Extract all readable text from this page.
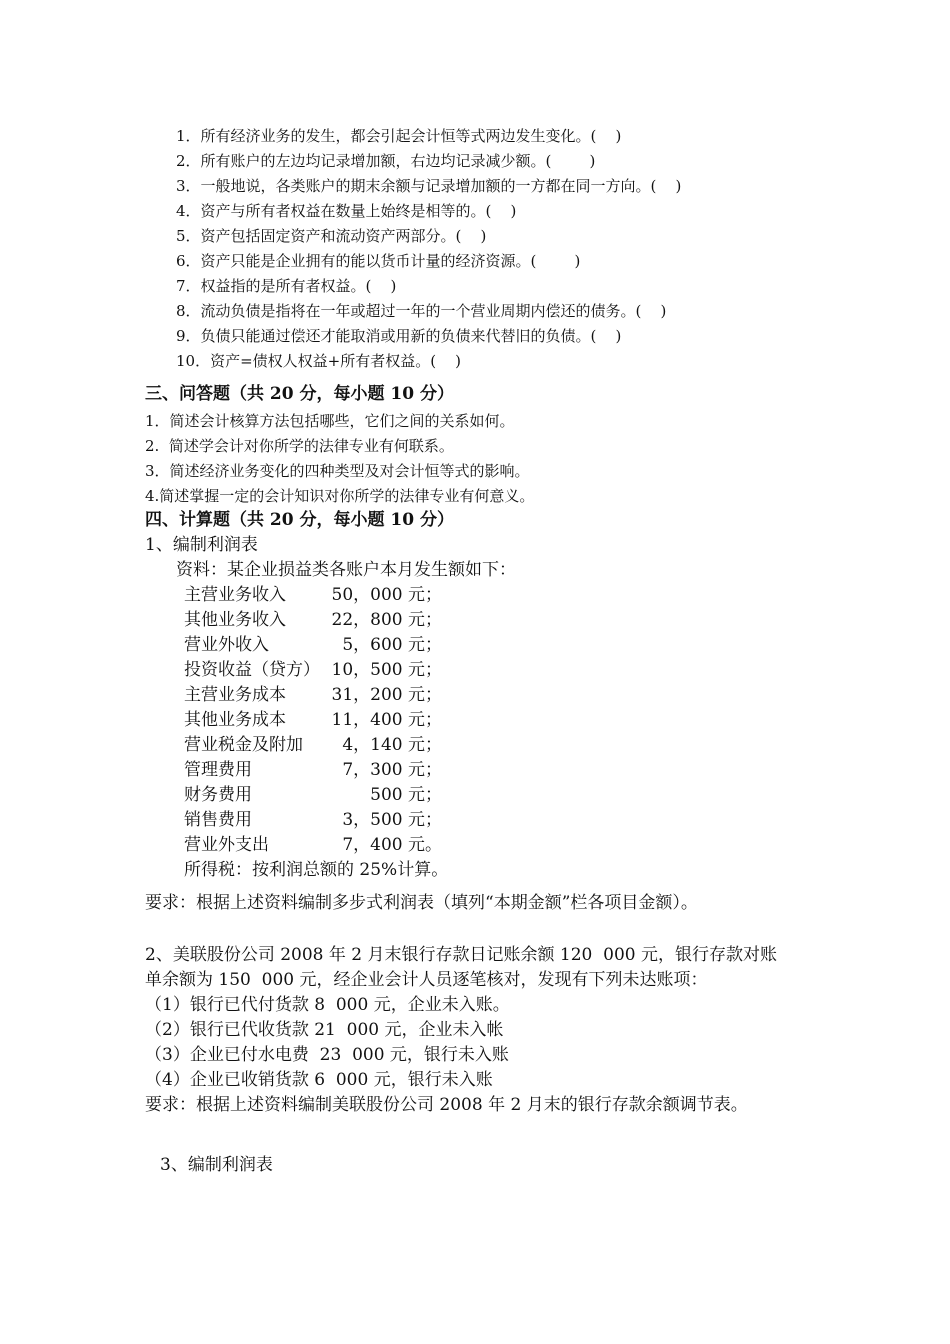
1．所有经济业务的发生，都会引起会计恒等式两边发生变化。(    )
2．所有账户的左边均记录增加额，右边均记录减少额。(        )
3．一般地说，各类账户的期末余额与记录增加额的一方都在同一方向。(    )
4．资产与所有者权益在数量上始终是相等的。(    )
5．资产包括固定资产和流动资产两部分。(    )
6．资产只能是企业拥有的能以货币计量的经济资源。(        )
7．权益指的是所有者权益。(    )
8．流动负债是指将在一年或超过一年的一个营业周期内偿还的债务。(    )
9．负债只能通过偿还才能取消或用新的负债来代替旧的负债。(    )
10．资产=债权人权益+所有者权益。(    )
三、问答题（共 20 分，每小题 10 分）
1．简述会计核算方法包括哪些，它们之间的关系如何。
2.  简述学会计对你所学的法律专业有何联系。
3．简述经济业务变化的四种类型及对会计恒等式的影响。
4.简述掌握一定的会计知识对你所学的法律专业有何意义。
四、计算题（共 20 分，每小题 10 分）
1、编制利润表
资料：某企业损益类各账户本月发生额如下：
主营业务收入	50，000 元；
其他业务收入	22，800 元；
营业外收入	5，600 元；
投资收益（贷方） 10，500 元；
主营业务成本	31，200 元；
其他业务成本	11，400 元；
营业税金及附加 4，140 元；
管理费用	7，300 元；
财务费用	500 元；
销售费用	3，500 元；
营业外支出	7，400 元。
所得税：按利润总额的 25%计算。
要求：根据上述资料编制多步式利润表（填列“本期金额”栏各项目金额）。
2、美联股份公司 2008 年 2 月末银行存款日记账余额 120  000 元，银行存款对账
单余额为 150  000 元，经企业会计人员逐笔核对，发现有下列未达账项：
（1）银行已代付货款 8  000 元，企业未入账。
（2）银行已代收货款 21  000 元，企业未入帐
（3）企业已付水电费  23  000 元，银行未入账
（4）企业已收销货款 6  000 元，银行未入账
要求：根据上述资料编制美联股份公司 2008 年 2 月末的银行存款余额调节表。
3、编制利润表
